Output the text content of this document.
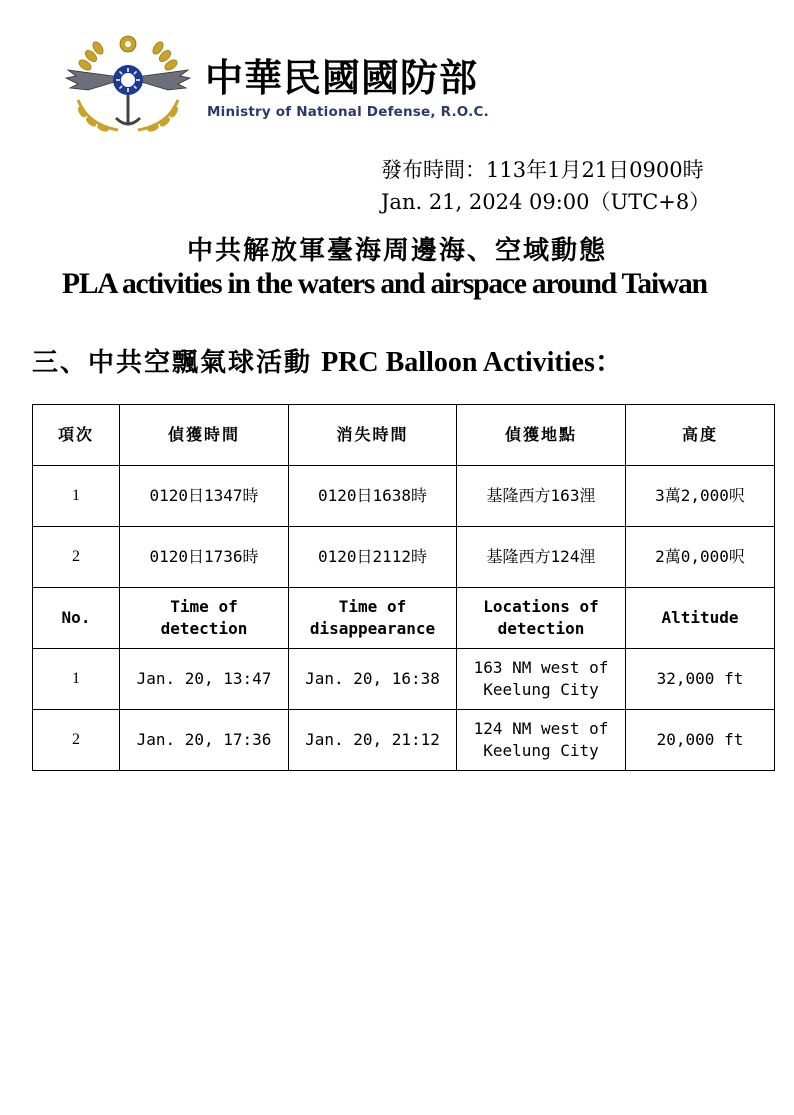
中華民國國防部
Ministry of National Defense, R.O.C.
發布時間：113年1月21日0900時
Jan. 21, 2024 09:00（UTC+8）
中共解放軍臺海周邊海、空域動態
PLA activities in the waters and airspace around Taiwan
三、中共空飄氣球活動 PRC Balloon Activities：
項次	偵獲時間	消失時間	偵獲地點	高度
1	0120日1347時	0120日1638時	基隆西方163浬	3萬2,000呎
2	0120日1736時	0120日2112時	基隆西方124浬	2萬0,000呎
No.	Time of detection	Time of disappearance	Locations of detection	Altitude
1	Jan. 20, 13:47	Jan. 20, 16:38	163 NM west of Keelung City	32,000 ft
2	Jan. 20, 17:36	Jan. 20, 21:12	124 NM west of Keelung City	20,000 ft
